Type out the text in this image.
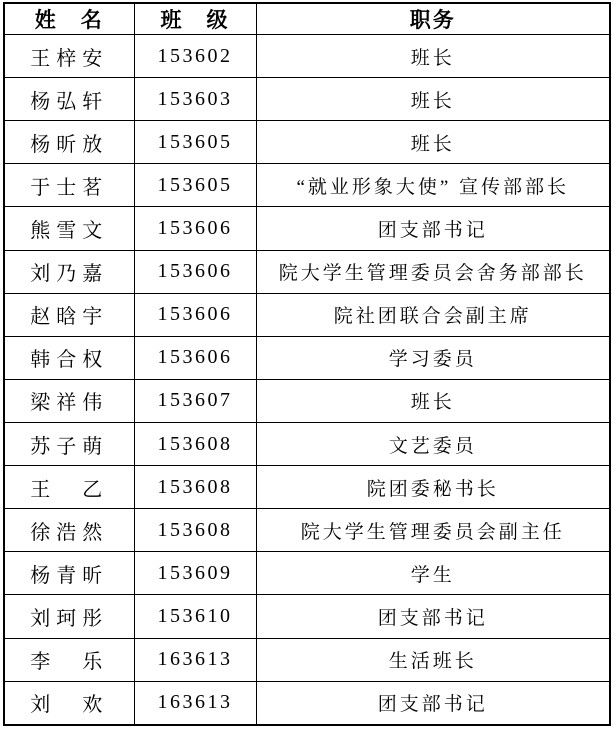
姓　名	班　级	职务
王梓安	153602	班长
杨弘轩	153603	班长
杨昕放	153605	班长
于士茗	153605	“就业形象大使” 宣传部部长
熊雪文	153606	团支部书记
刘乃嘉	153606	院大学生管理委员会舍务部部长
赵晗宇	153606	院社团联合会副主席
韩合权	153606	学习委员
梁祥伟	153607	班长
苏子萌	153608	文艺委员
王　乙	153608	院团委秘书长
徐浩然	153608	院大学生管理委员会副主任
杨青昕	153609	学生
刘珂彤	153610	团支部书记
李　乐	163613	生活班长
刘　欢	163613	团支部书记
